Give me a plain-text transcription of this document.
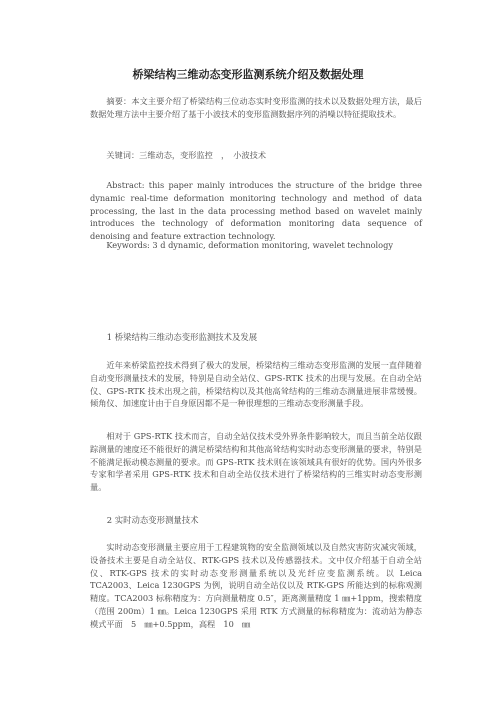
桥梁结构三维动态变形监测系统介绍及数据处理

摘要：本文主要介绍了桥梁结构三位动态实时变形监测的技术以及数据处理方法，最后数据处理方法中主要介绍了基于小波技术的变形监测数据序列的消噪以特征提取技术。

关键词：三维动态，变形监控　，　小波技术

Abstract: this paper mainly introduces the structure of the bridge three dynamic real-time deformation monitoring technology and method of data processing, the last in the data processing method based on wavelet mainly introduces the technology of deformation monitoring data sequence of denoising and feature extraction technology.

Keywords: 3 d dynamic, deformation monitoring, wavelet technology

1 桥梁结构三维动态变形监测技术及发展

近年来桥梁监控技术得到了极大的发展，桥梁结构三维动态变形监测的发展一直伴随着自动变形测量技术的发展，特别是自动全站仪、GPS-RTK 技术的出现与发展。在自动全站仪、GPS-RTK 技术出现之前，桥梁结构以及其他高耸结构的三维动态测量进展非常缓慢。倾角仪、加速度计由于自身原因都不是一种很理想的三维动态变形测量手段。

相对于 GPS-RTK 技术而言，自动全站仪技术受外界条件影响较大，而且当前全站仪跟踪测量的速度还不能很好的满足桥梁结构和其他高耸结构实时动态变形测量的要求，特别是不能满足振动模态测量的要求。而 GPS-RTK 技术则在该领域具有很好的优势。国内外很多专家和学者采用 GPS-RTK 技术和自动全站仪技术进行了桥梁结构的三维实时动态变形测量。

2 实时动态变形测量技术

实时动态变形测量主要应用于工程建筑物的安全监测领域以及自然灾害防灾减灾领域，设备技术主要是自动全站仪、RTK-GPS 技术以及传感器技术。文中仅介绍基于自动全站仪、RTK-GPS 技术的实时动态变形测量系统以及光纤应变监测系统。以 Leica TCA2003、Leica 1230GPS 为例，说明自动全站仪以及 RTK-GPS 所能达到的标称观测精度。TCA2003 标称精度为：方向测量精度 0.5″，距离测量精度 1 ㎜+1ppm，搜索精度（范围 200m）1 ㎜。Leica 1230GPS 采用 RTK 方式测量的标称精度为：流动站为静态模式平面　5　㎜+0.5ppm，高程　10　㎜
